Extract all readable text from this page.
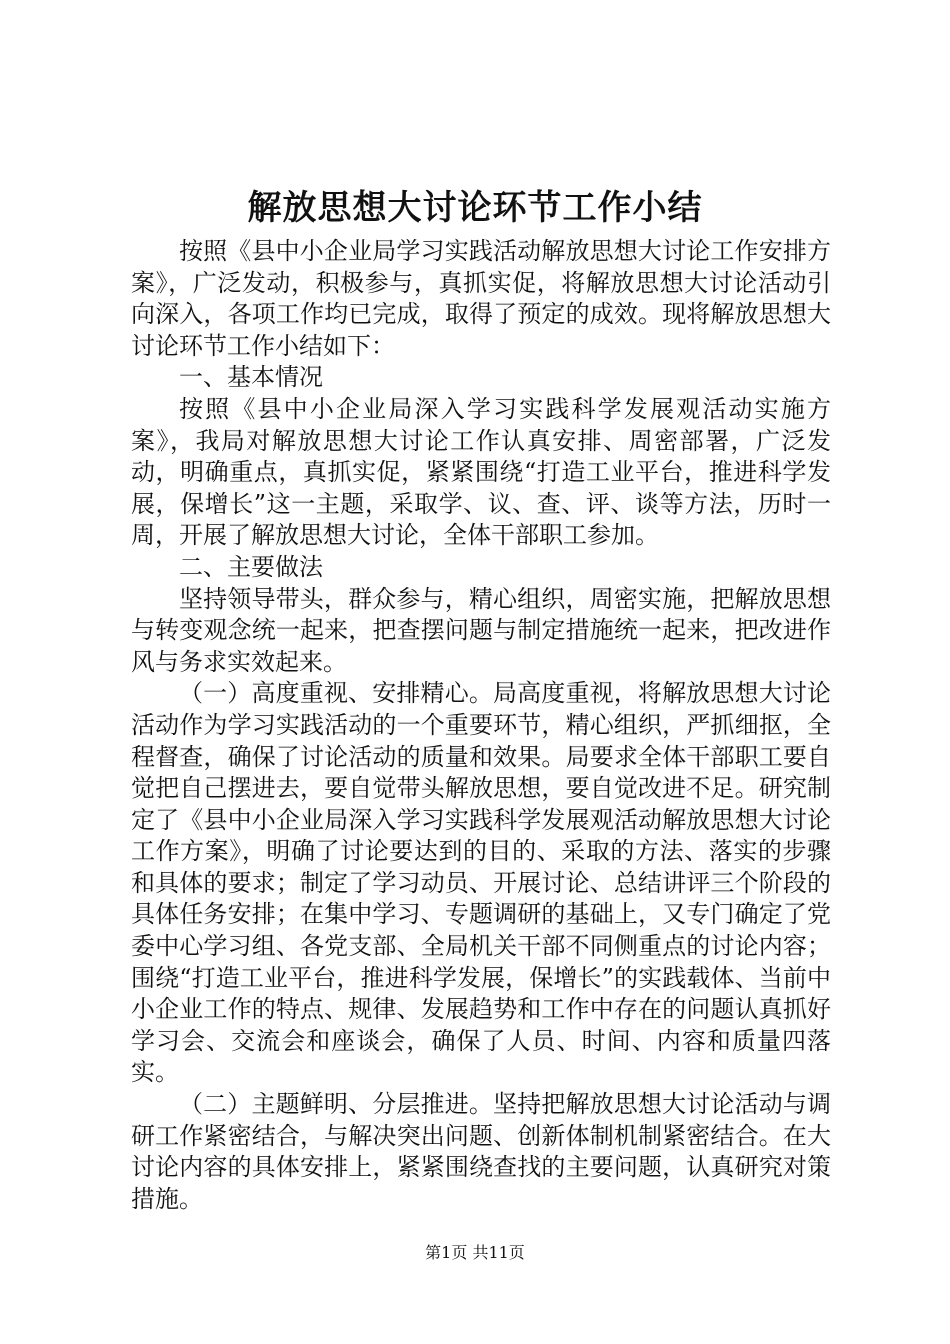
解放思想大讨论环节工作小结

按照《县中小企业局学习实践活动解放思想大讨论工作安排方案》，广泛发动，积极参与，真抓实促，将解放思想大讨论活动引向深入，各项工作均已完成，取得了预定的成效。现将解放思想大讨论环节工作小结如下：

一、基本情况

按照《县中小企业局深入学习实践科学发展观活动实施方案》，我局对解放思想大讨论工作认真安排、周密部署，广泛发动，明确重点，真抓实促，紧紧围绕“打造工业平台，推进科学发展，保增长”这一主题，采取学、议、查、评、谈等方法，历时一周，开展了解放思想大讨论，全体干部职工参加。

二、主要做法

坚持领导带头，群众参与，精心组织，周密实施，把解放思想与转变观念统一起来，把查摆问题与制定措施统一起来，把改进作风与务求实效起来。

（一）高度重视、安排精心。局高度重视，将解放思想大讨论活动作为学习实践活动的一个重要环节，精心组织，严抓细抠，全程督查，确保了讨论活动的质量和效果。局要求全体干部职工要自觉把自己摆进去，要自觉带头解放思想，要自觉改进不足。研究制定了《县中小企业局深入学习实践科学发展观活动解放思想大讨论工作方案》，明确了讨论要达到的目的、采取的方法、落实的步骤和具体的要求；制定了学习动员、开展讨论、总结讲评三个阶段的具体任务安排；在集中学习、专题调研的基础上，又专门确定了党委中心学习组、各党支部、全局机关干部不同侧重点的讨论内容；围绕“打造工业平台，推进科学发展，保增长”的实践载体、当前中小企业工作的特点、规律、发展趋势和工作中存在的问题认真抓好学习会、交流会和座谈会，确保了人员、时间、内容和质量四落实。

（二）主题鲜明、分层推进。坚持把解放思想大讨论活动与调研工作紧密结合，与解决突出问题、创新体制机制紧密结合。在大讨论内容的具体安排上，紧紧围绕查找的主要问题，认真研究对策措施。

第1页 共11页
